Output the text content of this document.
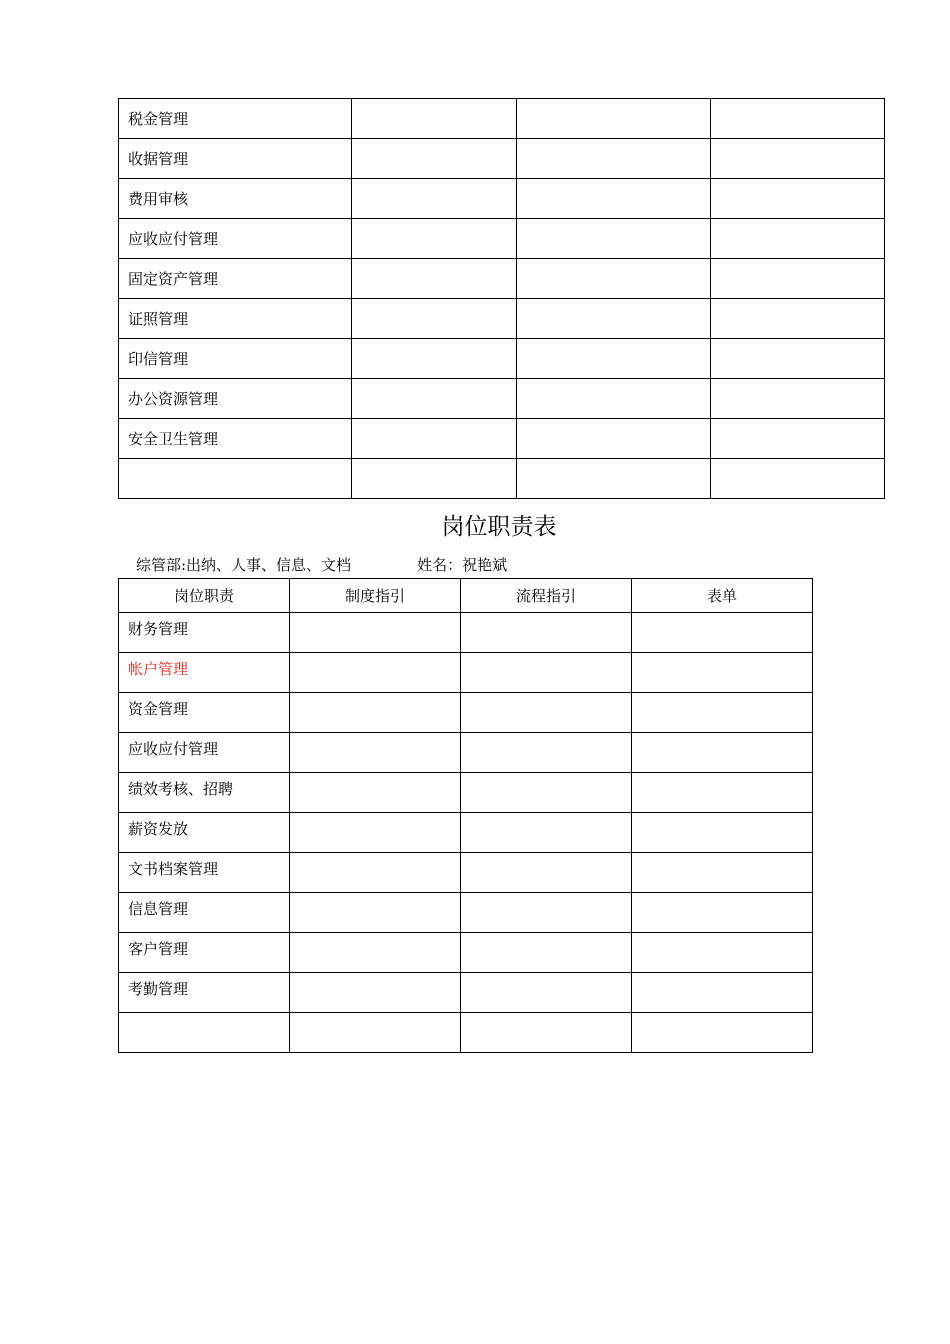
税金管理			
收据管理			
费用审核			
应收应付管理			
固定资产管理			
证照管理			
印信管理			
办公资源管理			
安全卫生管理			

岗位职责表
综管部:出纳、人事、信息、文档	姓名：祝艳斌
岗位职责	制度指引	流程指引	表单
财务管理			
帐户管理			
资金管理			
应收应付管理			
绩效考核、招聘			
薪资发放			
文书档案管理			
信息管理			
客户管理			
考勤管理			
